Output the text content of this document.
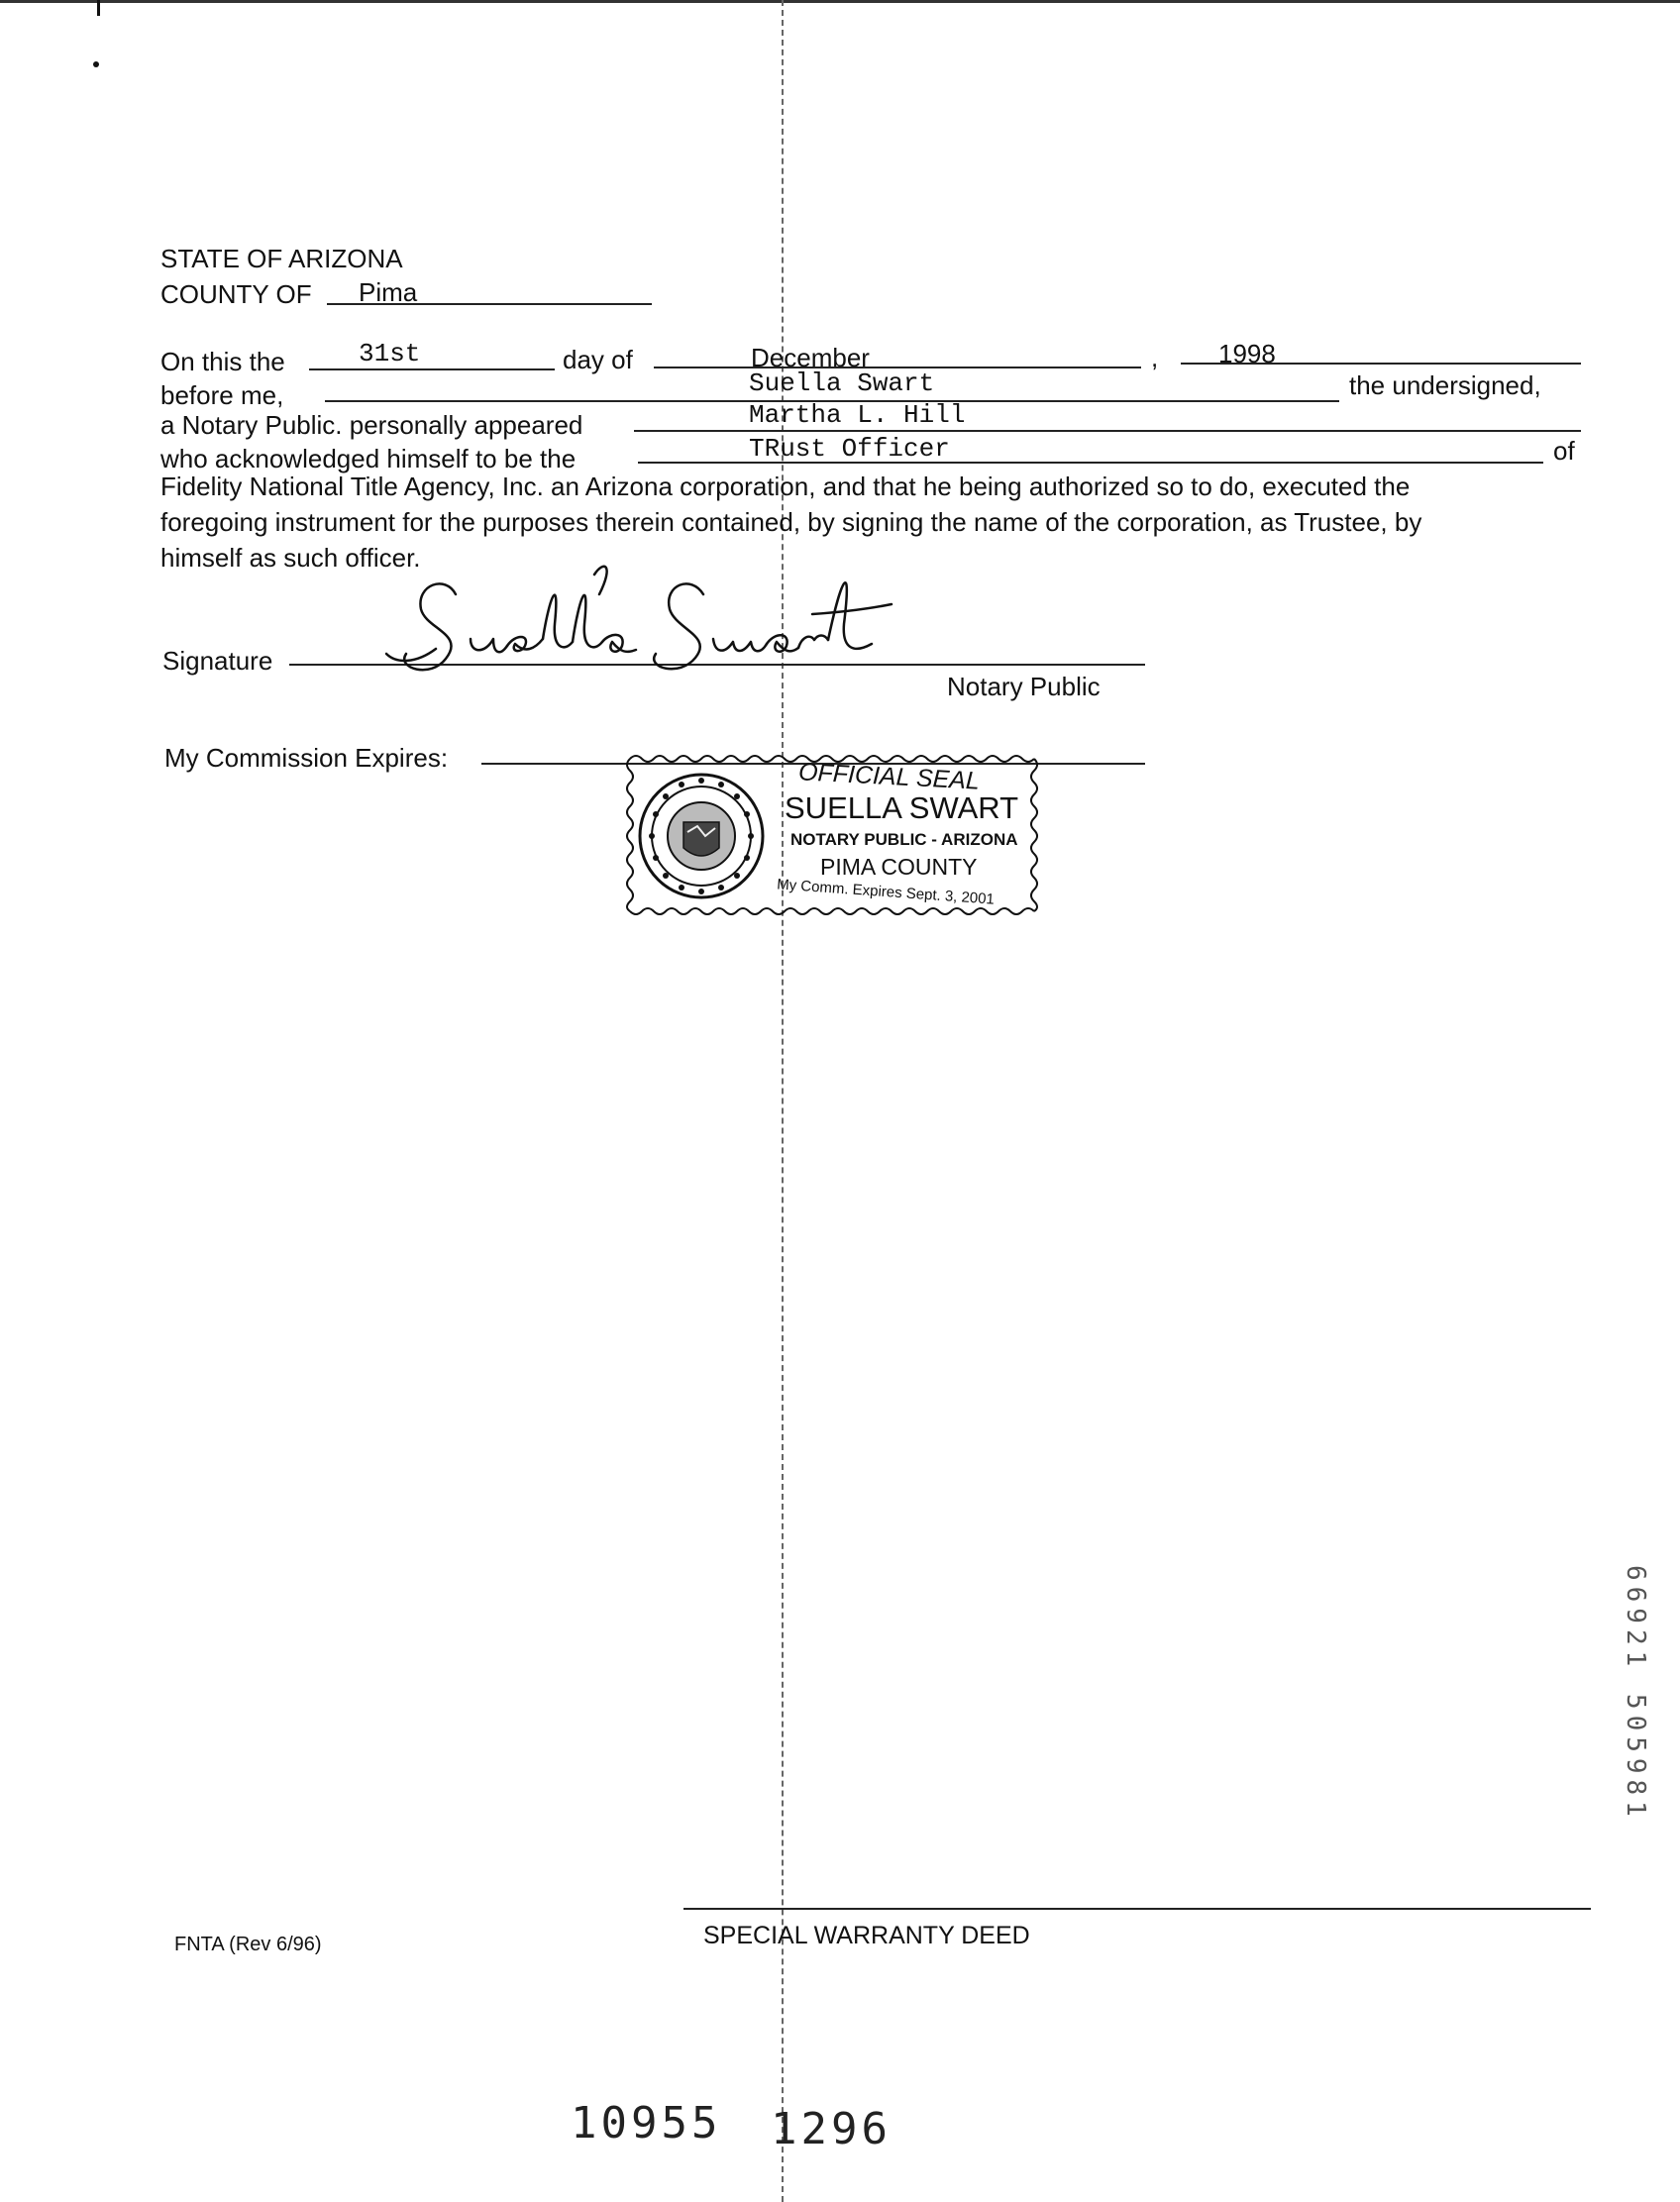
STATE OF ARIZONA
COUNTY OF Pima
On this the	31st	day of	December	, 1998
before me,	Suella Swart	the undersigned,
a Notary Public. personally appeared	Martha L. Hill
who acknowledged himself to be the	TRust Officer	of
Fidelity National Title Agency, Inc. an Arizona corporation, and that he being authorized so to do, executed the
foregoing instrument for the purposes therein contained, by signing the name of the corporation, as Trustee, by
himself as such officer.
Signature
Notary Public
My Commission Expires:
OFFICIAL SEAL
SUELLA SWART
NOTARY PUBLIC - ARIZONA
PIMA COUNTY
My Comm. Expires Sept. 3, 2001
FNTA (Rev 6/96)	SPECIAL WARRANTY DEED
10955 1296
66921 505981
